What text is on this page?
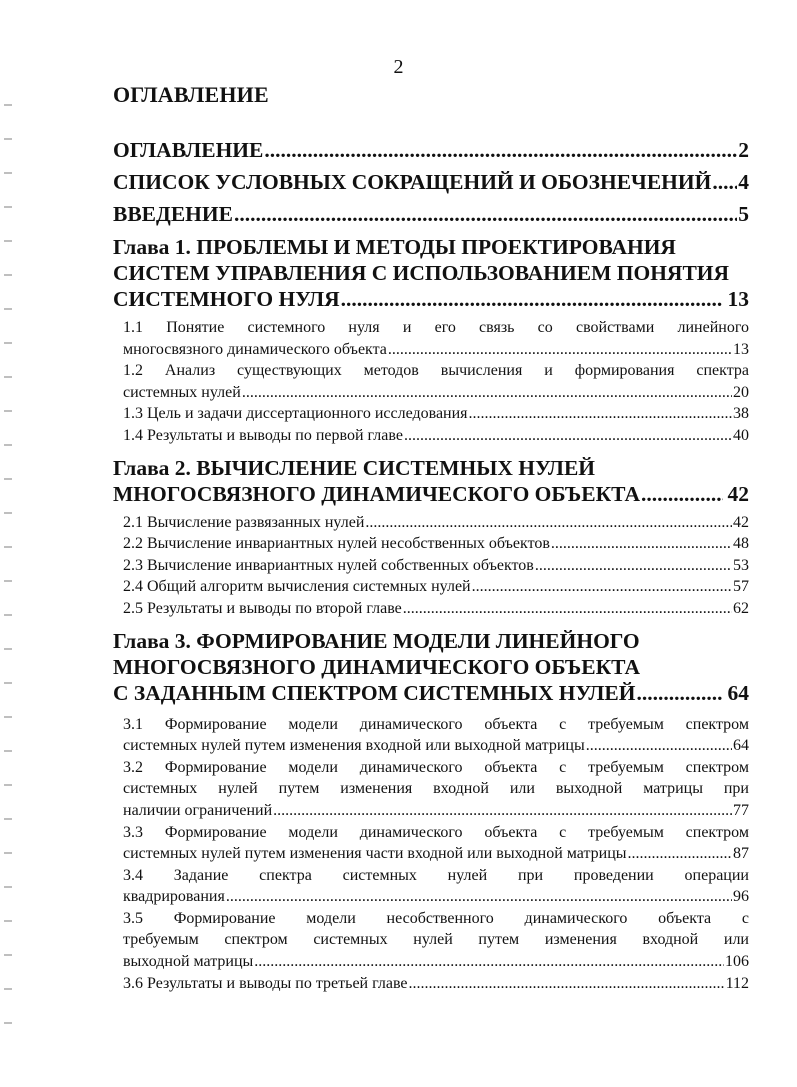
2
ОГЛАВЛЕНИЕ
ОГЛАВЛЕНИЕ .....	2
СПИСОК УСЛОВНЫХ СОКРАЩЕНИЙ И ОБОЗНЕЧЕНИЙ ..... 4
ВВЕДЕНИЕ .....	5
Глава 1. ПРОБЛЕМЫ И МЕТОДЫ ПРОЕКТИРОВАНИЯ
СИСТЕМ УПРАВЛЕНИЯ С ИСПОЛЬЗОВАНИЕМ ПОНЯТИЯ
СИСТЕМНОГО НУЛЯ .....	13
1.1 Понятие системного нуля и его связь со свойствами линейного
многосвязного динамического объекта .....	13
1.2 Анализ существующих методов вычисления и формирования спектра
системных нулей .....	20
1.3 Цель и задачи диссертационного исследования .....	38
1.4 Результаты и выводы по первой главе .....	40
Глава 2. ВЫЧИСЛЕНИЕ СИСТЕМНЫХ НУЛЕЙ
МНОГОСВЯЗНОГО ДИНАМИЧЕСКОГО ОБЪЕКТА .....	42
2.1 Вычисление развязанных нулей .....	42
2.2 Вычисление инвариантных нулей несобственных объектов .....	48
2.3 Вычисление инвариантных нулей собственных объектов .....	53
2.4 Общий алгоритм вычисления системных нулей .....	57
2.5 Результаты и выводы по второй главе .....	62
Глава 3. ФОРМИРОВАНИЕ МОДЕЛИ ЛИНЕЙНОГО
МНОГОСВЯЗНОГО ДИНАМИЧЕСКОГО ОБЪЕКТА
С ЗАДАННЫМ СПЕКТРОМ СИСТЕМНЫХ НУЛЕЙ .....	64
3.1 Формирование модели динамического объекта с требуемым спектром
системных нулей путем изменения входной или выходной матрицы .....	64
3.2 Формирование модели динамического объекта с требуемым спектром
системных нулей путем изменения входной или выходной матрицы при
наличии ограничений .....	77
3.3 Формирование модели динамического объекта с требуемым спектром
системных нулей путем изменения части входной или выходной матрицы .....	87
3.4 Задание спектра системных нулей при проведении операции
квадрирования .....	96
3.5 Формирование модели несобственного динамического объекта с
требуемым спектром системных нулей путем изменения входной или
выходной матрицы .....	106
3.6 Результаты и выводы по третьей главе .....	112
